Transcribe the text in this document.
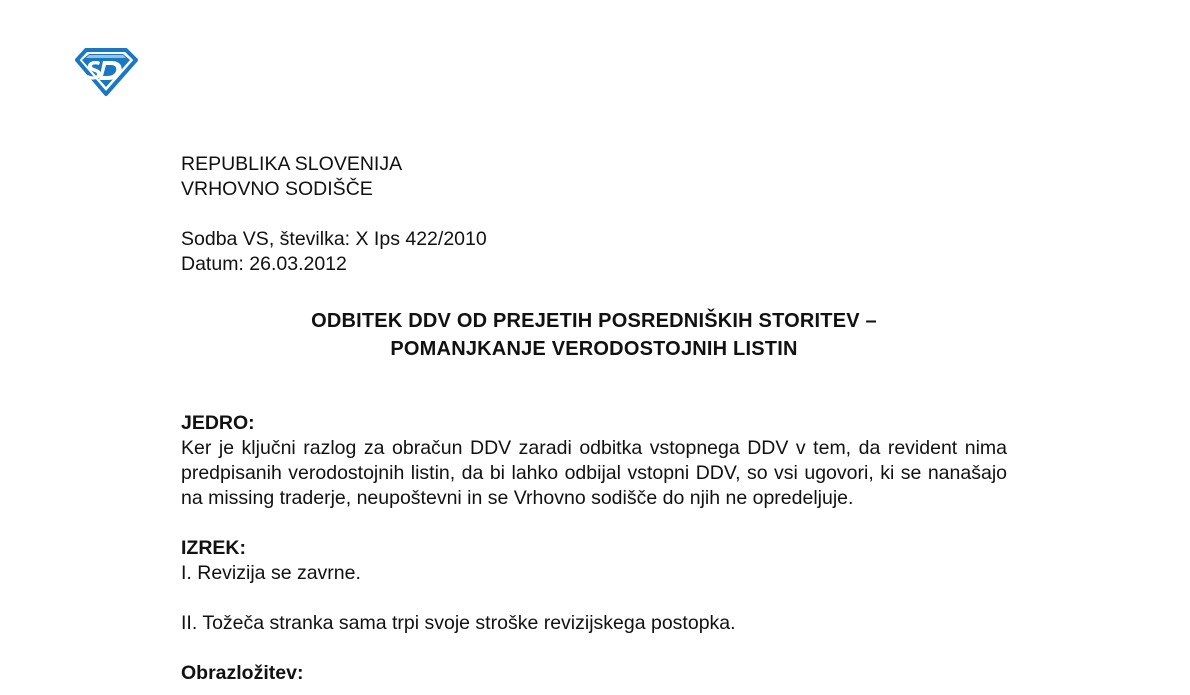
REPUBLIKA SLOVENIJA
VRHOVNO SODIŠČE
Sodba VS, številka: X Ips 422/2010
Datum: 26.03.2012
ODBITEK DDV OD PREJETIH POSREDNIŠKIH STORITEV –
POMANJKANJE VERODOSTOJNIH LISTIN
JEDRO:
Ker je ključni razlog za obračun DDV zaradi odbitka vstopnega DDV v tem, da revident nima predpisanih verodostojnih listin, da bi lahko odbijal vstopni DDV, so vsi ugovori, ki se nanašajo na missing traderje, neupoštevni in se Vrhovno sodišče do njih ne opredeljuje.
IZREK:
I. Revizija se zavrne.
II. Tožeča stranka sama trpi svoje stroške revizijskega postopka.
Obrazložitev:
